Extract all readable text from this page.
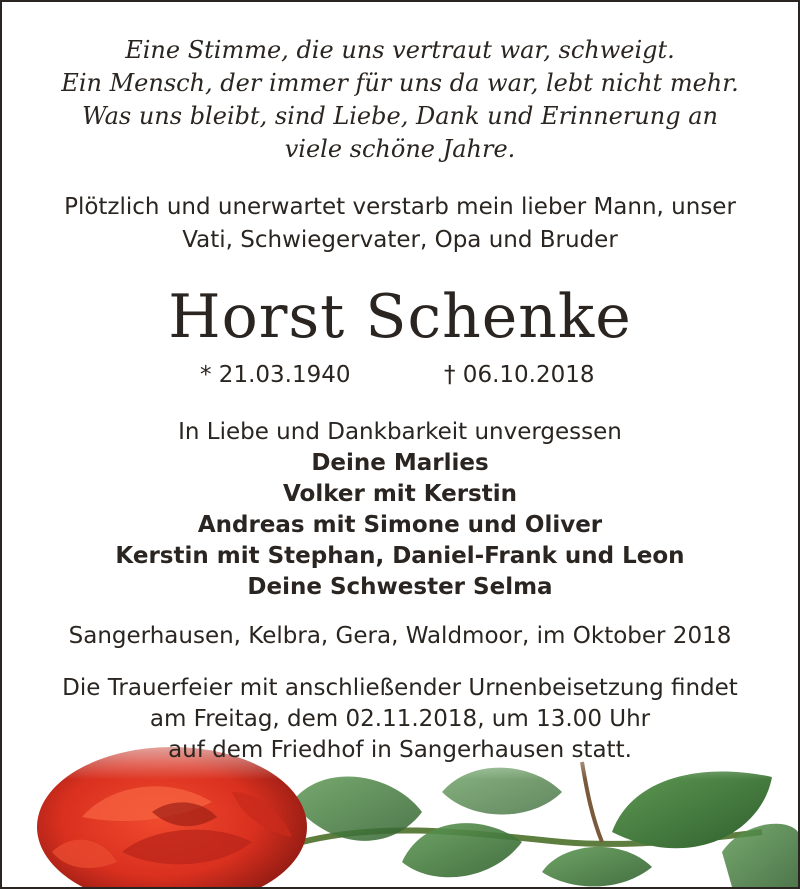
Eine Stimme, die uns vertraut war, schweigt.
Ein Mensch, der immer für uns da war, lebt nicht mehr.
Was uns bleibt, sind Liebe, Dank und Erinnerung an
viele schöne Jahre.
Plötzlich und unerwartet verstarb mein lieber Mann, unser
Vati, Schwiegervater, Opa und Bruder
Horst Schenke
* 21.03.1940	† 06.10.2018
In Liebe und Dankbarkeit unvergessen
Deine Marlies
Volker mit Kerstin
Andreas mit Simone und Oliver
Kerstin mit Stephan, Daniel-Frank und Leon
Deine Schwester Selma
Sangerhausen, Kelbra, Gera, Waldmoor, im Oktober 2018
Die Trauerfeier mit anschließender Urnenbeisetzung findet
am Freitag, dem 02.11.2018, um 13.00 Uhr
auf dem Friedhof in Sangerhausen statt.
